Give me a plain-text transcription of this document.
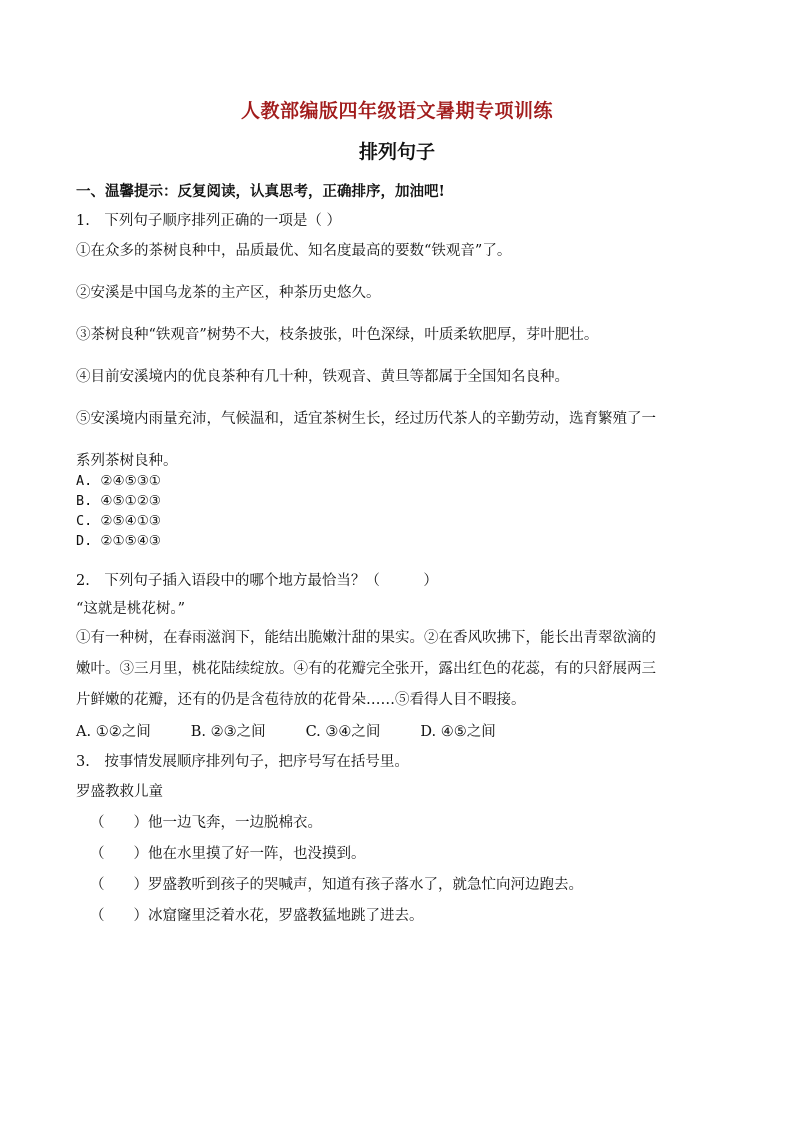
人教部编版四年级语文暑期专项训练
排列句子

一、温馨提示：反复阅读，认真思考，正确排序，加油吧!

1.　下列句子顺序排列正确的一项是（ ）

①在众多的茶树良种中，品质最优、知名度最高的要数“铁观音”了。

②安溪是中国乌龙茶的主产区，种茶历史悠久。

③茶树良种“铁观音”树势不大，枝条披张，叶色深绿，叶质柔软肥厚，芽叶肥壮。

④目前安溪境内的优良茶种有几十种，铁观音、黄旦等都属于全国知名良种。

⑤安溪境内雨量充沛，气候温和，适宜茶树生长，经过历代茶人的辛勤劳动，选育繁殖了一

系列茶树良种。

A. ②④⑤③①

B. ④⑤①②③

C. ②⑤④①③

D. ②①⑤④③

2.　下列句子插入语段中的哪个地方最恰当？（　　　）

“这就是桃花树。”

①有一种树，在春雨滋润下，能结出脆嫩汁甜的果实。②在香风吹拂下，能长出青翠欲滴的

嫩叶。③三月里，桃花陆续绽放。④有的花瓣完全张开，露出红色的花蕊，有的只舒展两三

片鲜嫩的花瓣，还有的仍是含苞待放的花骨朵……⑤看得人目不暇接。

A. ①②之间	B. ②③之间	C. ③④之间	D. ④⑤之间

3.　按事情发展顺序排列句子，把序号写在括号里。

罗盛教救儿童

（　　）他一边飞奔，一边脱棉衣。

（　　）他在水里摸了好一阵，也没摸到。

（　　）罗盛教听到孩子的哭喊声，知道有孩子落水了，就急忙向河边跑去。

（　　）冰窟窿里泛着水花，罗盛教猛地跳了进去。
